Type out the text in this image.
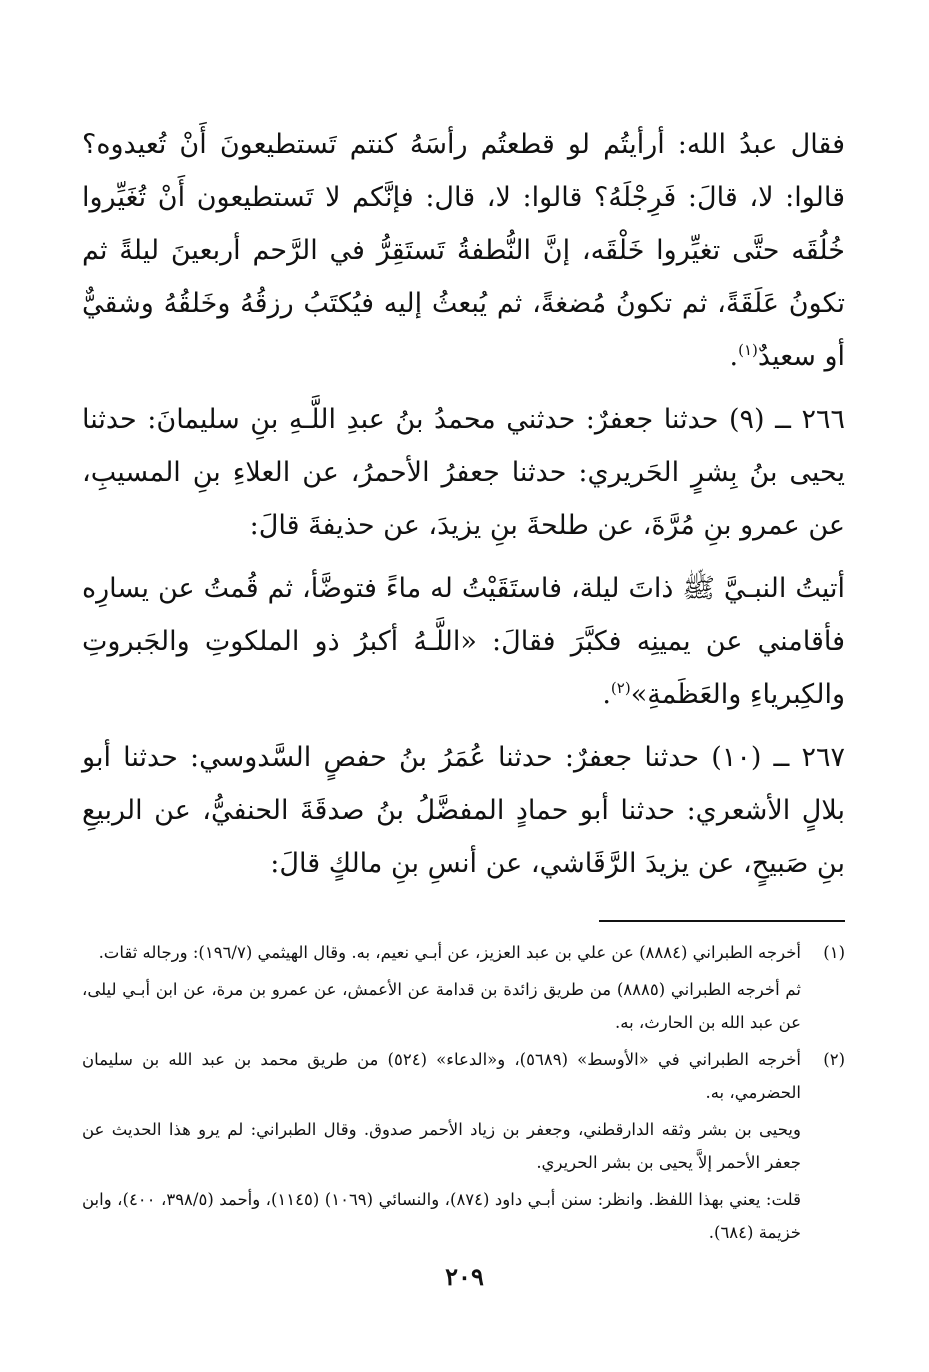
فقال عبدُ الله: أرأيتُم لو قطعتُم رأسَهُ كنتم تَستطيعونَ أَنْ تُعيدوه؟ قالوا: لا، قالَ: فَرِجْلَهُ؟ قالوا: لا، قال: فإنَّكم لا تَستطيعون أَنْ تُغَيِّروا خُلُقَه حتَّى تغيِّروا خَلْقَه، إنَّ النُّطفةُ تَستَقِرُّ في الرَّحم أربعينَ ليلةً ثم تكونُ عَلَقَةً، ثم تكونُ مُضغةً، ثم يُبعثُ إليه فيُكتَبُ رزقُهُ وخَلقُهُ وشقيٌّ أو سعيدٌ$^{(١)}$.

٢٦٦ ــ (٩) حدثنا جعفرٌ: حدثني محمدُ بنُ عبدِ اللَّـهِ بنِ سليمانَ: حدثنا يحيى بنُ بِشرٍ الحَريري: حدثنا جعفرُ الأحمرُ، عن العلاءِ بنِ المسيبِ، عن عمرو بنِ مُرَّةَ، عن طلحةَ بنِ يزيدَ، عن حذيفةَ قالَ:

أتيتُ النبـيَّ ﷺ ذاتَ ليلة، فاستَقَيْتُ له ماءً فتوضَّأ، ثم قُمتُ عن يسارِه فأقامني عن يمينِه فكبَّرَ فقالَ: «اللَّـهُ أكبرُ ذو الملكوتِ والجَبروتِ والكِبرياءِ والعَظَمةِ»$^{(٢)}$.

٢٦٧ ــ (١٠) حدثنا جعفرٌ: حدثنا عُمَرُ بنُ حفصٍ السَّدوسي: حدثنا أبو بلالٍ الأشعري: حدثنا أبو حمادٍ المفضَّلُ بنُ صدقَةَ الحنفيُّ، عن الربيعِ بنِ صَبيحٍ، عن يزيدَ الرَّقَاشي، عن أنسِ بنِ مالكٍ قالَ:

(١)

أخرجه الطبراني (٨٨٨٤) عن علي بن عبد العزيز، عن أبـي نعيم، به. وقال الهيثمي (١٩٦/٧): ورجاله ثقات.

ثم أخرجه الطبراني (٨٨٨٥) من طريق زائدة بن قدامة عن الأعمش، عن عمرو بن مرة، عن ابن أبـي ليلى، عن عبد الله بن الحارث، به.

(٢)

أخرجه الطبراني في «الأوسط» (٥٦٨٩)، و«الدعاء» (٥٢٤) من طريق محمد بن عبد الله بن سليمان الحضرمي، به.

ويحيى بن بشر وثقه الدارقطني، وجعفر بن زياد الأحمر صدوق. وقال الطبراني: لم يرو هذا الحديث عن جعفر الأحمر إلاَّ يحيى بن بشر الحريري.

قلت: يعني بهذا اللفظ. وانظر: سنن أبـي داود (٨٧٤)، والنسائي (١٠٦٩) (١١٤٥)، وأحمد (٣٩٨/٥، ٤٠٠)، وابن خزيمة (٦٨٤).

٢٠٩
